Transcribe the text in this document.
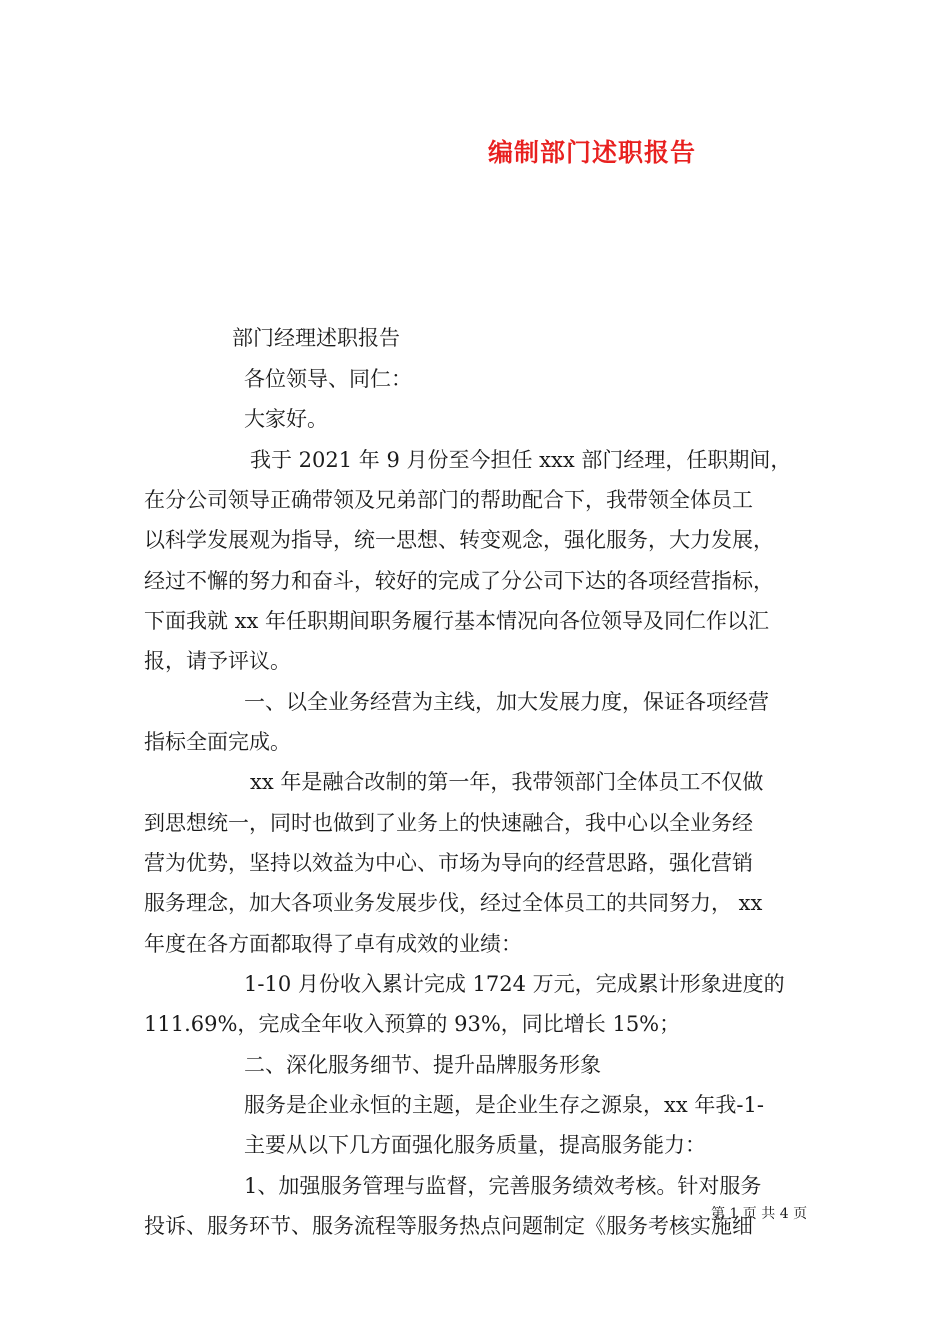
编制部门述职报告
部门经理述职报告
各位领导、同仁：
大家好。
我于 2021 年 9 月份至今担任 xxx 部门经理，任职期间，
在分公司领导正确带领及兄弟部门的帮助配合下，我带领全体员工
以科学发展观为指导，统一思想、转变观念，强化服务，大力发展，
经过不懈的努力和奋斗，较好的完成了分公司下达的各项经营指标，
下面我就 xx 年任职期间职务履行基本情况向各位领导及同仁作以汇
报，请予评议。
一、以全业务经营为主线，加大发展力度，保证各项经营
指标全面完成。
xx 年是融合改制的第一年，我带领部门全体员工不仅做
到思想统一，同时也做到了业务上的快速融合，我中心以全业务经
营为优势，坚持以效益为中心、市场为导向的经营思路，强化营销
服务理念，加大各项业务发展步伐，经过全体员工的共同努力， xx
年度在各方面都取得了卓有成效的业绩：
1-10 月份收入累计完成 1724 万元，完成累计形象进度的
111.69%，完成全年收入预算的 93%，同比增长 15%；
二、深化服务细节、提升品牌服务形象
服务是企业永恒的主题，是企业生存之源泉，xx 年我-1-
主要从以下几方面强化服务质量，提高服务能力：
1、加强服务管理与监督，完善服务绩效考核。针对服务
投诉、服务环节、服务流程等服务热点问题制定《服务考核实施细
第 1 页 共 4 页
